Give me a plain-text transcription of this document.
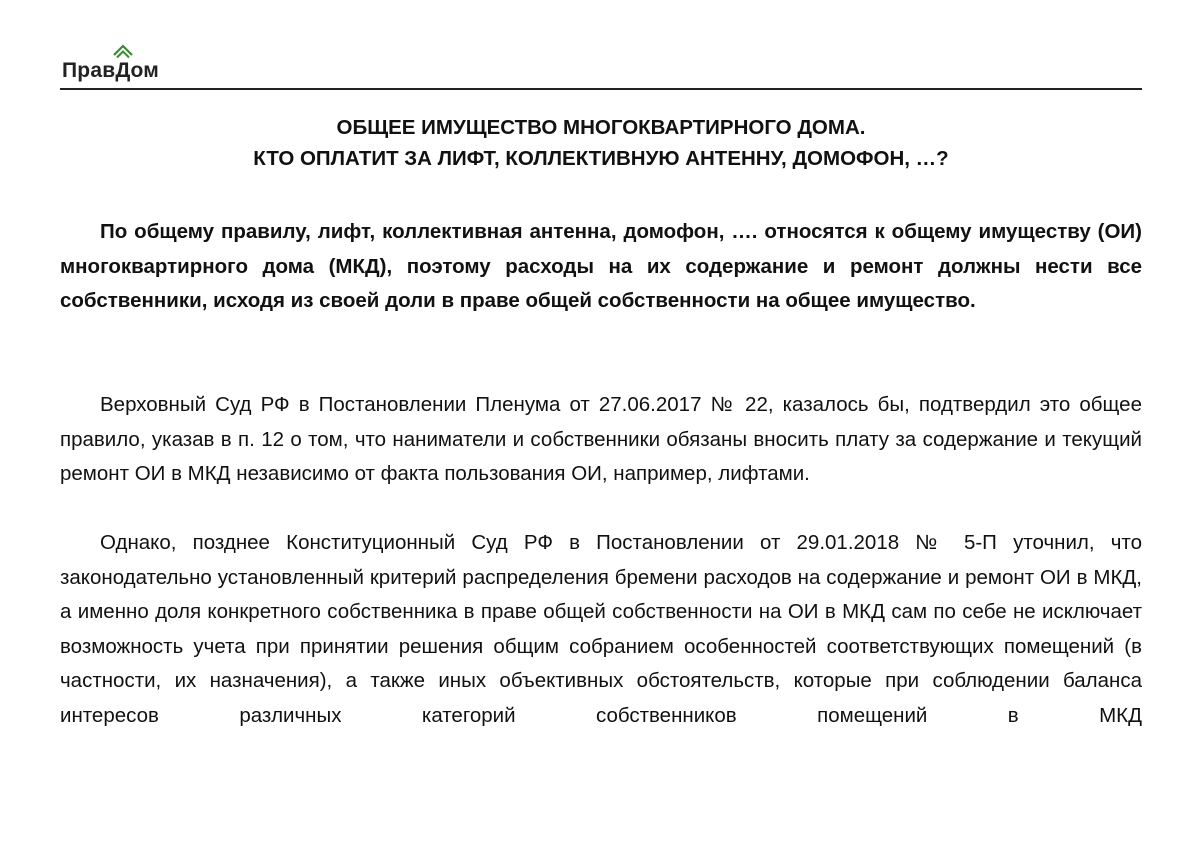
Прав
Дом
ОБЩЕЕ ИМУЩЕСТВО МНОГОКВАРТИРНОГО ДОМА.
КТО ОПЛАТИТ ЗА ЛИФТ, КОЛЛЕКТИВНУЮ АНТЕННУ, ДОМОФОН, …?

По общему правилу, лифт, коллективная антенна, домофон, …. относятся к общему имуществу (ОИ) многоквартирного дома (МКД), поэтому расходы на их содержание и ремонт должны нести все собственники, исходя из своей доли в праве общей собственности на общее имущество.

Верховный Суд РФ в Постановлении Пленума от 27.06.2017 № 22, казалось бы, подтвердил это общее правило, указав в п. 12 о том, что наниматели и собственники обязаны вносить плату за содержание и текущий ремонт ОИ в МКД независимо от факта пользования ОИ, например, лифтами.

Однако, позднее Конституционный Суд РФ в Постановлении от 29.01.2018 № 5-П уточнил, что законодательно установленный критерий распределения бремени расходов на содержание и ремонт ОИ в МКД, а именно доля конкретного собственника в праве общей собственности на ОИ в МКД сам по себе не исключает возможность учета при принятии решения общим собранием особенностей соответствующих помещений (в частности, их назначения), а также иных объективных обстоятельств, которые при соблюдении баланса интересов различных категорий собственников помещений в МКД
